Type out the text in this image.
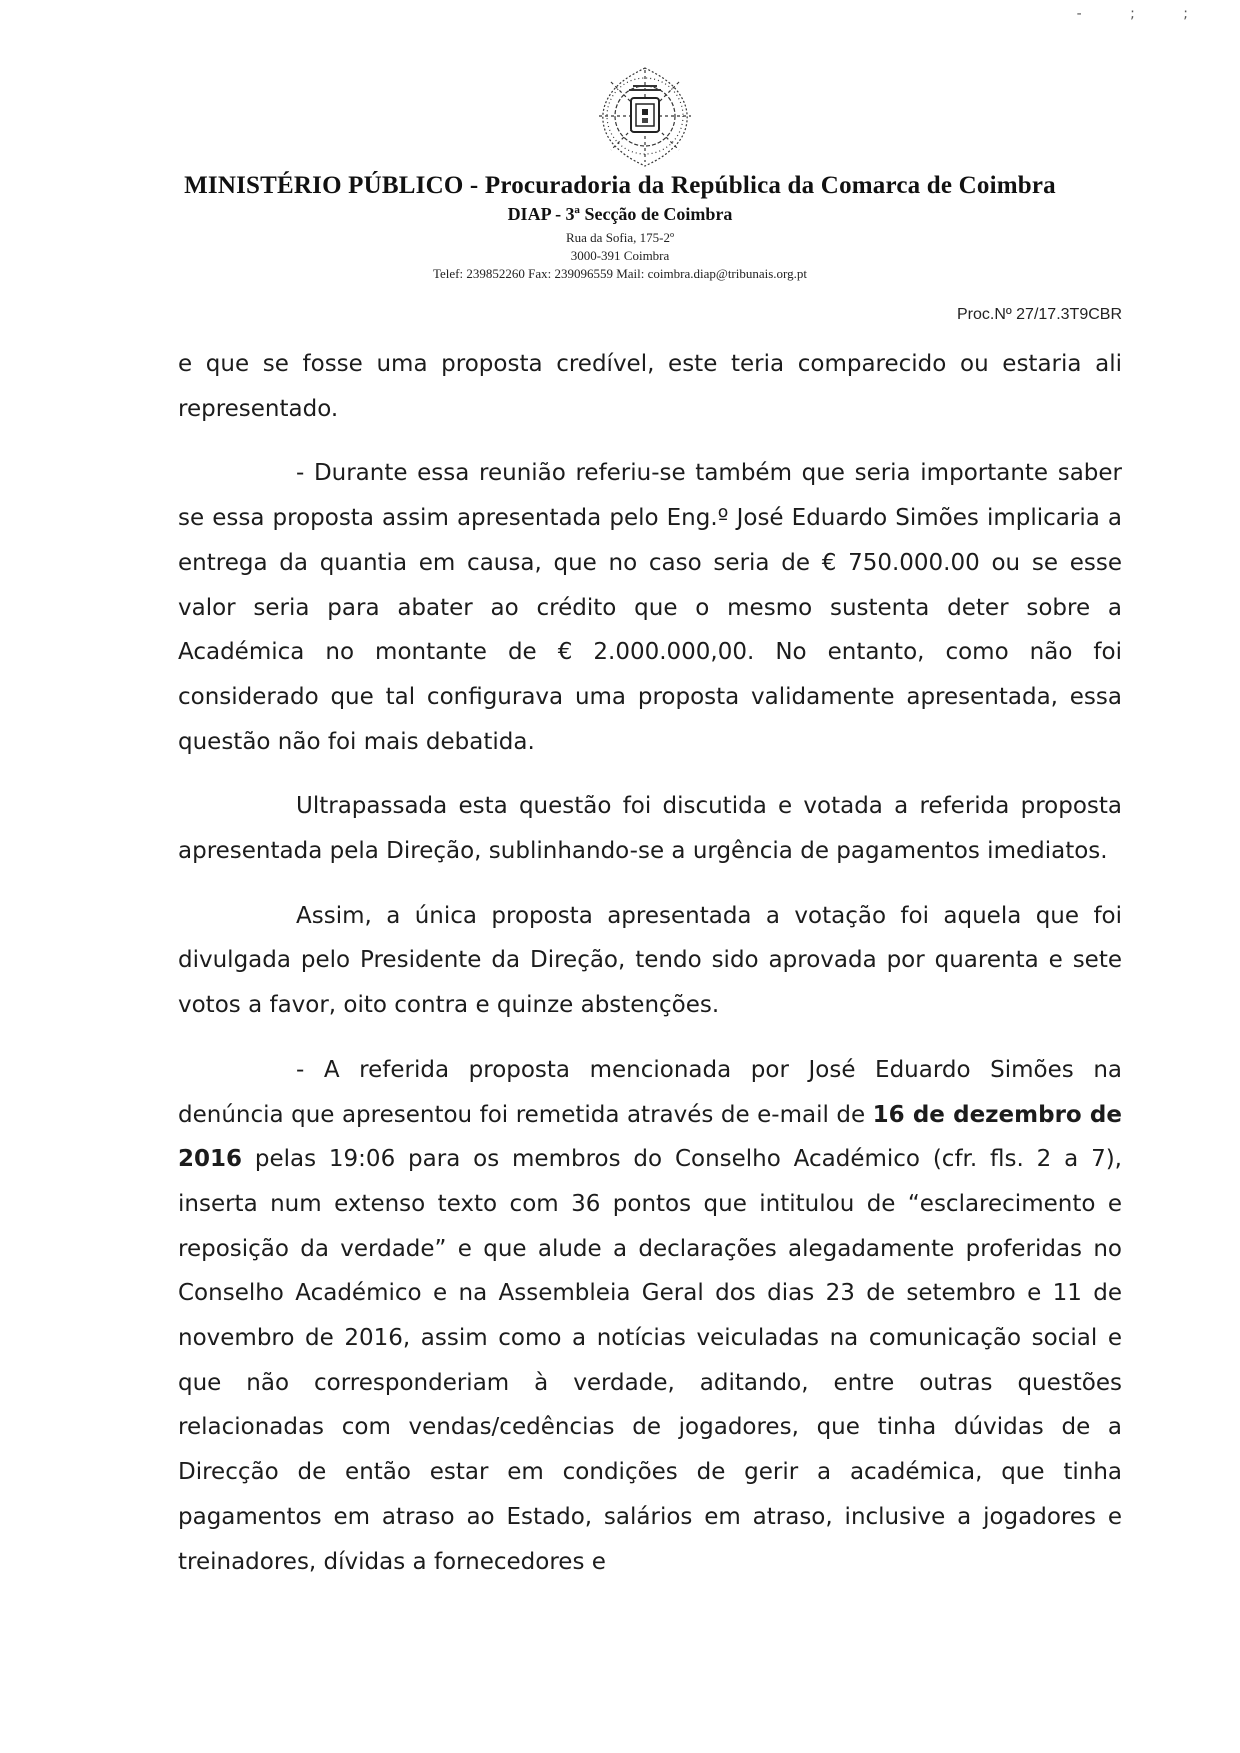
- ; ;
MINISTÉRIO PÚBLICO - Procuradoria da República da Comarca de Coimbra
DIAP - 3ª Secção de Coimbra
Rua da Sofia, 175-2º
3000-391 Coimbra
Telef: 239852260 Fax: 239096559 Mail: coimbra.diap@tribunais.org.pt
Proc.Nº 27/17.3T9CBR

e que se fosse uma proposta credível, este teria comparecido ou estaria ali representado.

- Durante essa reunião referiu-se também que seria importante saber se essa proposta assim apresentada pelo Eng.º José Eduardo Simões implicaria a entrega da quantia em causa, que no caso seria de € 750.000.00 ou se esse valor seria para abater ao crédito que o mesmo sustenta deter sobre a Académica no montante de € 2.000.000,00. No entanto, como não foi considerado que tal configurava uma proposta validamente apresentada, essa questão não foi mais debatida.

Ultrapassada esta questão foi discutida e votada a referida proposta apresentada pela Direção, sublinhando-se a urgência de pagamentos imediatos.

Assim, a única proposta apresentada a votação foi aquela que foi divulgada pelo Presidente da Direção, tendo sido aprovada por quarenta e sete votos a favor, oito contra e quinze abstenções.

- A referida proposta mencionada por José Eduardo Simões na denúncia que apresentou foi remetida através de e-mail de 16 de dezembro de 2016 pelas 19:06 para os membros do Conselho Académico (cfr. fls. 2 a 7), inserta num extenso texto com 36 pontos que intitulou de “esclarecimento e reposição da verdade” e que alude a declarações alegadamente proferidas no Conselho Académico e na Assembleia Geral dos dias 23 de setembro e 11 de novembro de 2016, assim como a notícias veiculadas na comunicação social e que não corresponderiam à verdade, aditando, entre outras questões relacionadas com vendas/cedências de jogadores, que tinha dúvidas de a Direcção de então estar em condições de gerir a académica, que tinha pagamentos em atraso ao Estado, salários em atraso, inclusive a jogadores e treinadores, dívidas a fornecedores e
